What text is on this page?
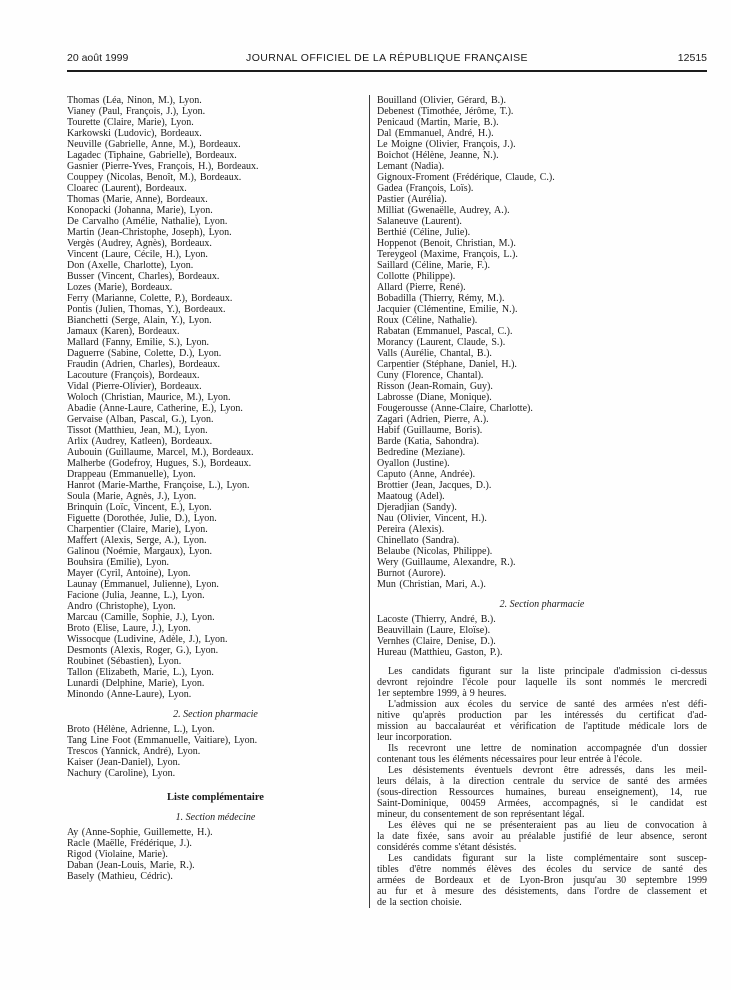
20 août 1999	JOURNAL OFFICIEL DE LA RÉPUBLIQUE FRANÇAISE	12515
Thomas (Léa, Ninon, M.), Lyon.
Vianey (Paul, François, J.), Lyon.
Tourette (Claire, Marie), Lyon.
Karkowski (Ludovic), Bordeaux.
Neuville (Gabrielle, Anne, M.), Bordeaux.
Lagadec (Tiphaine, Gabrielle), Bordeaux.
Gasnier (Pierre-Yves, François, H.), Bordeaux.
Couppey (Nicolas, Benoît, M.), Bordeaux.
Cloarec (Laurent), Bordeaux.
Thomas (Marie, Anne), Bordeaux.
Konopacki (Johanna, Marie), Lyon.
De Carvalho (Amélie, Nathalie), Lyon.
Martin (Jean-Christophe, Joseph), Lyon.
Vergès (Audrey, Agnès), Bordeaux.
Vincent (Laure, Cécile, H.), Lyon.
Don (Axelle, Charlotte), Lyon.
Busser (Vincent, Charles), Bordeaux.
Lozes (Marie), Bordeaux.
Ferry (Marianne, Colette, P.), Bordeaux.
Pontis (Julien, Thomas, Y.), Bordeaux.
Bianchetti (Serge, Alain, Y.), Lyon.
Jamaux (Karen), Bordeaux.
Mallard (Fanny, Emilie, S.), Lyon.
Daguerre (Sabine, Colette, D.), Lyon.
Fraudin (Adrien, Charles), Bordeaux.
Lacouture (François), Bordeaux.
Vidal (Pierre-Olivier), Bordeaux.
Woloch (Christian, Maurice, M.), Lyon.
Abadie (Anne-Laure, Catherine, E.), Lyon.
Gervaise (Alban, Pascal, G.), Lyon.
Tissot (Matthieu, Jean, M.), Lyon.
Arlix (Audrey, Katleen), Bordeaux.
Aubouin (Guillaume, Marcel, M.), Bordeaux.
Malherbe (Godefroy, Hugues, S.), Bordeaux.
Drappeau (Emmanuelle), Lyon.
Hanrot (Marie-Marthe, Françoise, L.), Lyon.
Soula (Marie, Agnès, J.), Lyon.
Brinquin (Loïc, Vincent, E.), Lyon.
Figuette (Dorothée, Julie, D.), Lyon.
Charpentier (Claire, Marie), Lyon.
Maffert (Alexis, Serge, A.), Lyon.
Galinou (Noémie, Margaux), Lyon.
Bouhsira (Emilie), Lyon.
Mayer (Cyril, Antoine), Lyon.
Launay (Emmanuel, Julienne), Lyon.
Facione (Julia, Jeanne, L.), Lyon.
Andro (Christophe), Lyon.
Marcau (Camille, Sophie, J.), Lyon.
Broto (Elise, Laure, J.), Lyon.
Wissocque (Ludivine, Adèle, J.), Lyon.
Desmonts (Alexis, Roger, G.), Lyon.
Roubinet (Sébastien), Lyon.
Tallon (Elizabeth, Marie, L.), Lyon.
Lunardi (Delphine, Marie), Lyon.
Minondo (Anne-Laure), Lyon.
2. Section pharmacie
Broto (Hélène, Adrienne, L.), Lyon.
Tang Line Foot (Emmanuelle, Vaitiare), Lyon.
Trescos (Yannick, André), Lyon.
Kaiser (Jean-Daniel), Lyon.
Nachury (Caroline), Lyon.
Liste complémentaire
1. Section médecine
Ay (Anne-Sophie, Guillemette, H.).
Racle (Maëlle, Frédérique, J.).
Rigod (Violaine, Marie).
Daban (Jean-Louis, Marie, R.).
Basely (Mathieu, Cédric).
Bouilland (Olivier, Gérard, B.).
Debenest (Timothée, Jérôme, T.).
Penicaud (Martin, Marie, B.).
Dal (Emmanuel, André, H.).
Le Moigne (Olivier, François, J.).
Boichot (Hélène, Jeanne, N.).
Lemant (Nadia).
Gignoux-Froment (Frédérique, Claude, C.).
Gadea (François, Loïs).
Pastier (Aurélia).
Milliat (Gwenaëlle, Audrey, A.).
Salaneuve (Laurent).
Berthié (Céline, Julie).
Hoppenot (Benoit, Christian, M.).
Tereygeol (Maxime, François, L.).
Saillard (Céline, Marie, F.).
Collotte (Philippe).
Allard (Pierre, René).
Bobadilla (Thierry, Rémy, M.).
Jacquier (Clémentine, Emilie, N.).
Roux (Céline, Nathalie).
Rabatan (Emmanuel, Pascal, C.).
Morancy (Laurent, Claude, S.).
Valls (Aurélie, Chantal, B.).
Carpentier (Stéphane, Daniel, H.).
Cuny (Florence, Chantal).
Risson (Jean-Romain, Guy).
Labrosse (Diane, Monique).
Fougerousse (Anne-Claire, Charlotte).
Zagari (Adrien, Pierre, A.).
Habif (Guillaume, Boris).
Barde (Katia, Sahondra).
Bedredine (Meziane).
Oyallon (Justine).
Caputo (Anne, Andrée).
Brottier (Jean, Jacques, D.).
Maatoug (Adel).
Djeradjian (Sandy).
Nau (Olivier, Vincent, H.).
Pereira (Alexis).
Chinellato (Sandra).
Belaube (Nicolas, Philippe).
Wery (Guillaume, Alexandre, R.).
Burnot (Aurore).
Mun (Christian, Mari, A.).
2. Section pharmacie
Lacoste (Thierry, André, B.).
Beauvillain (Laure, Eloïse).
Vernhes (Claire, Denise, D.).
Hureau (Matthieu, Gaston, P.).

Les candidats figurant sur la liste principale d'admission ci-dessus
devront rejoindre l'école pour laquelle ils sont nommés le mercredi
1er septembre 1999, à 9 heures.

L'admission aux écoles du service de santé des armées n'est défi-
nitive qu'après production par les intéressés du certificat d'ad-
mission au baccalauréat et vérification de l'aptitude médicale lors de
leur incorporation.

Ils recevront une lettre de nomination accompagnée d'un dossier
contenant tous les éléments nécessaires pour leur entrée à l'école.

Les désistements éventuels devront être adressés, dans les meil-
leurs délais, à la direction centrale du service de santé des armées
(sous-direction Ressources humaines, bureau enseignement), 14, rue
Saint-Dominique, 00459 Armées, accompagnés, si le candidat est
mineur, du consentement de son représentant légal.

Les élèves qui ne se présenteraient pas au lieu de convocation à
la date fixée, sans avoir au préalable justifié de leur absence, seront
considérés comme s'étant désistés.

Les candidats figurant sur la liste complémentaire sont suscep-
tibles d'être nommés élèves des écoles du service de santé des
armées de Bordeaux et de Lyon-Bron jusqu'au 30 septembre 1999
au fur et à mesure des désistements, dans l'ordre de classement et
de la section choisie.
